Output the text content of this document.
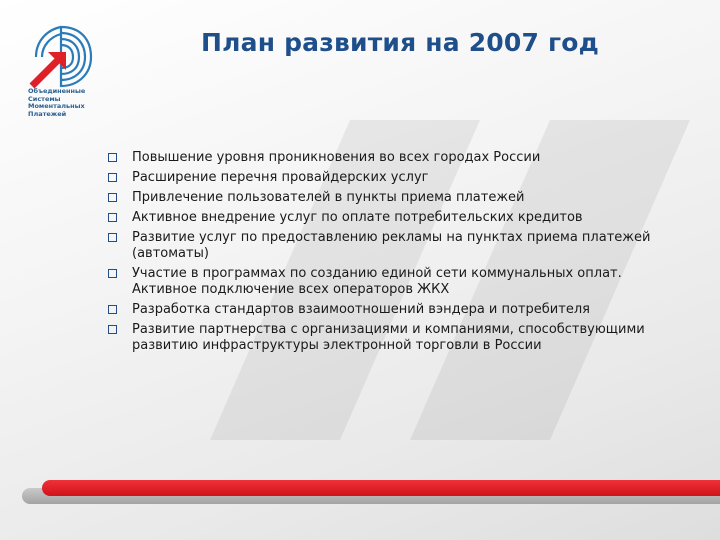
Объединенные
Системы
Моментальных
Платежей
План развития на 2007 год
Повышение уровня проникновения во всех городах России
Расширение перечня провайдерских услуг
Привлечение пользователей в пункты приема платежей
Активное внедрение услуг по оплате потребительских кредитов
Развитие услуг по предоставлению рекламы на пунктах приема платежей (автоматы)
Участие в программах по созданию единой сети коммунальных оплат. Активное подключение всех операторов ЖКХ
Разработка стандартов взаимоотношений вэндера и потребителя
Развитие партнерства с организациями и компаниями, способствующими развитию инфраструктуры электронной торговли в России
